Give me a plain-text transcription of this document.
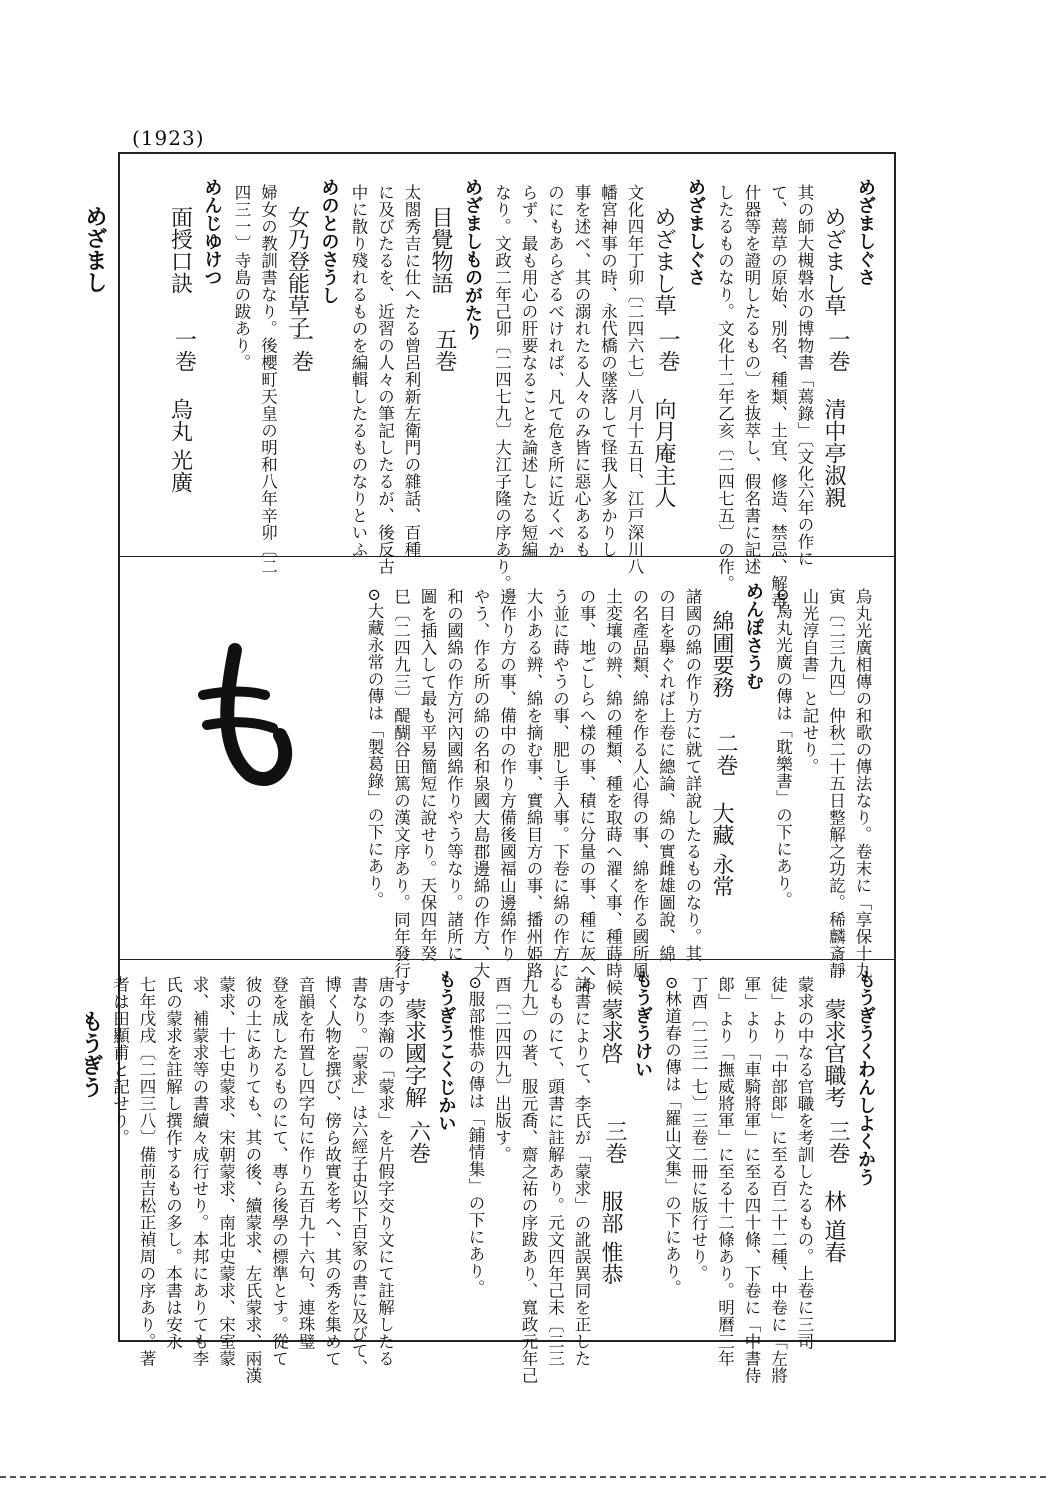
(1923)
めざまし
もうぎう
めざましぐさ
めざまし草
一巻
清中亭淑親
其の師大槻磐水の博物書「蔫錄」〔文化六年の作に
て、蔫草の原始、別名、種類、土宜、修造、禁忌、解毒、
什器等を證明したるもの〕を抜萃し、假名書に記述
したるものなり。文化十二年乙亥〔二四七五〕の作。
めざましぐさ
めざまし草
一巻
向月庵主人
文化四年丁卯〔二四六七〕八月十五日、江戸深川八
幡宮神事の時、永代橋の墜落して怪我人多かりし
事を述べ、其の溺れたる人々のみ皆に惡心あるも
のにもあらざるべければ、凡て危き所に近くべか
らず、最も用心の肝要なることを論述したる短編
なり。文政二年己卯〔二四七九〕大江子隆の序あり。
めざましものがたり
目覺物語
五巻
太閤秀吉に仕へたる曾呂利新左衛門の雜話、百種
に及びたるを、近習の人々の筆記したるが、後反古
中に散り殘れるものを編輯したるものなりといふ
めのとのさうし
女乃登能草子
一巻
婦女の教訓書なり。後櫻町天皇の明和八年辛卯〔二
四三一〕寺島の跋あり。
めんじゆけつ
面授口訣
一巻
烏丸 光廣
烏丸光廣相傳の和歌の傳法なり。卷末に「享保十九
寅〔二三九四〕仲秋二十五日整解之功訖。稀麟斎靜
山光淳自書」と記せり。
⊙烏丸光廣の傳は「耽樂書」の下にあり。
めんぽさうむ
綿圃要務
二巻
大藏 永常
諸國の綿の作り方に就て詳說したるものなり。其
の目を擧ぐれば上卷に總論、綿の實雌雄圖說、綿
の名產品類、綿を作る人心得の事、綿を作る國所風
土変壤の辨、綿の種類、種を取蒔へ濯く事、種蒔時候
の事、地ごしらへ樣の事、積に分量の事、種に灰へや
う並に蒔やうの事、肥し手入事。下卷に綿の作方に
大小ある辨、綿を摘む事、實綿目方の事、播州姫路
邊作り方の事、備中の作り方備後國福山邊綿作り
やう、作る所の綿の名和泉國大島郡邊綿の作方、大
和の國綿の作方河內國綿作りやう等なり。諸所に
圖を插入して最も平易簡短に說せり。天保四年癸
巳〔二四九三〕醍醐谷田篤の漢文序あり。同年發行す
⊙大藏永常の傳は「製葛錄」の下にあり。
もうぎうくわんしよくかう
蒙求官職考
三巻
林 道春
蒙求の中なる官職を考訓したるもの。上卷に三司
徒」より「中部郞」に至る百二十二種、中卷に「左將
軍」より「車騎將軍」に至る四十條、下卷に「中書侍
郞」より「撫威將軍」に至る十二條あり。明曆三年
丁酉〔二三一七〕三卷二冊に版行せり。
⊙林道春の傳は「羅山文集」の下にあり。
もうぎうけい
蒙求啓
三巻
服部 惟恭
諸書によりて、李氏が「蒙求」の訛誤異同を正した
るものにて、頭書に註解あり。元文四年己未〔二三
九九〕の著、服元喬、齋之祐の序跋あり、寬政元年己
酉〔二四四九〕出版す。
⊙服部惟恭の傳は「鋪情集」の下にあり。
もうぎうこくじかい
蒙求國字解
六巻
唐の李瀚の「蒙求」を片假字交り文にて註解したる
書なり。「蒙求」は六經子史以下百家の書に及びて、
博く人物を撰び、傍ら故實を考へ、其の秀を集めて
音韻を布置し四字句に作り五百九十六句、連珠璧
登を成したるものにて、專ら後學の標準とす。從て
彼の土にありても、其の後、續蒙求、左氏蒙求、兩漢
蒙求、十七史蒙求、宋朝蒙求、南北史蒙求、宋室蒙
求、補蒙求等の書續々成行せり。本邦にありても李
氏の蒙求を註解し撰作するもの多し。本書は安永
七年戊戌〔二四三八〕備前吉松正禎周の序あり。著
者は田顯甫と記せり。
